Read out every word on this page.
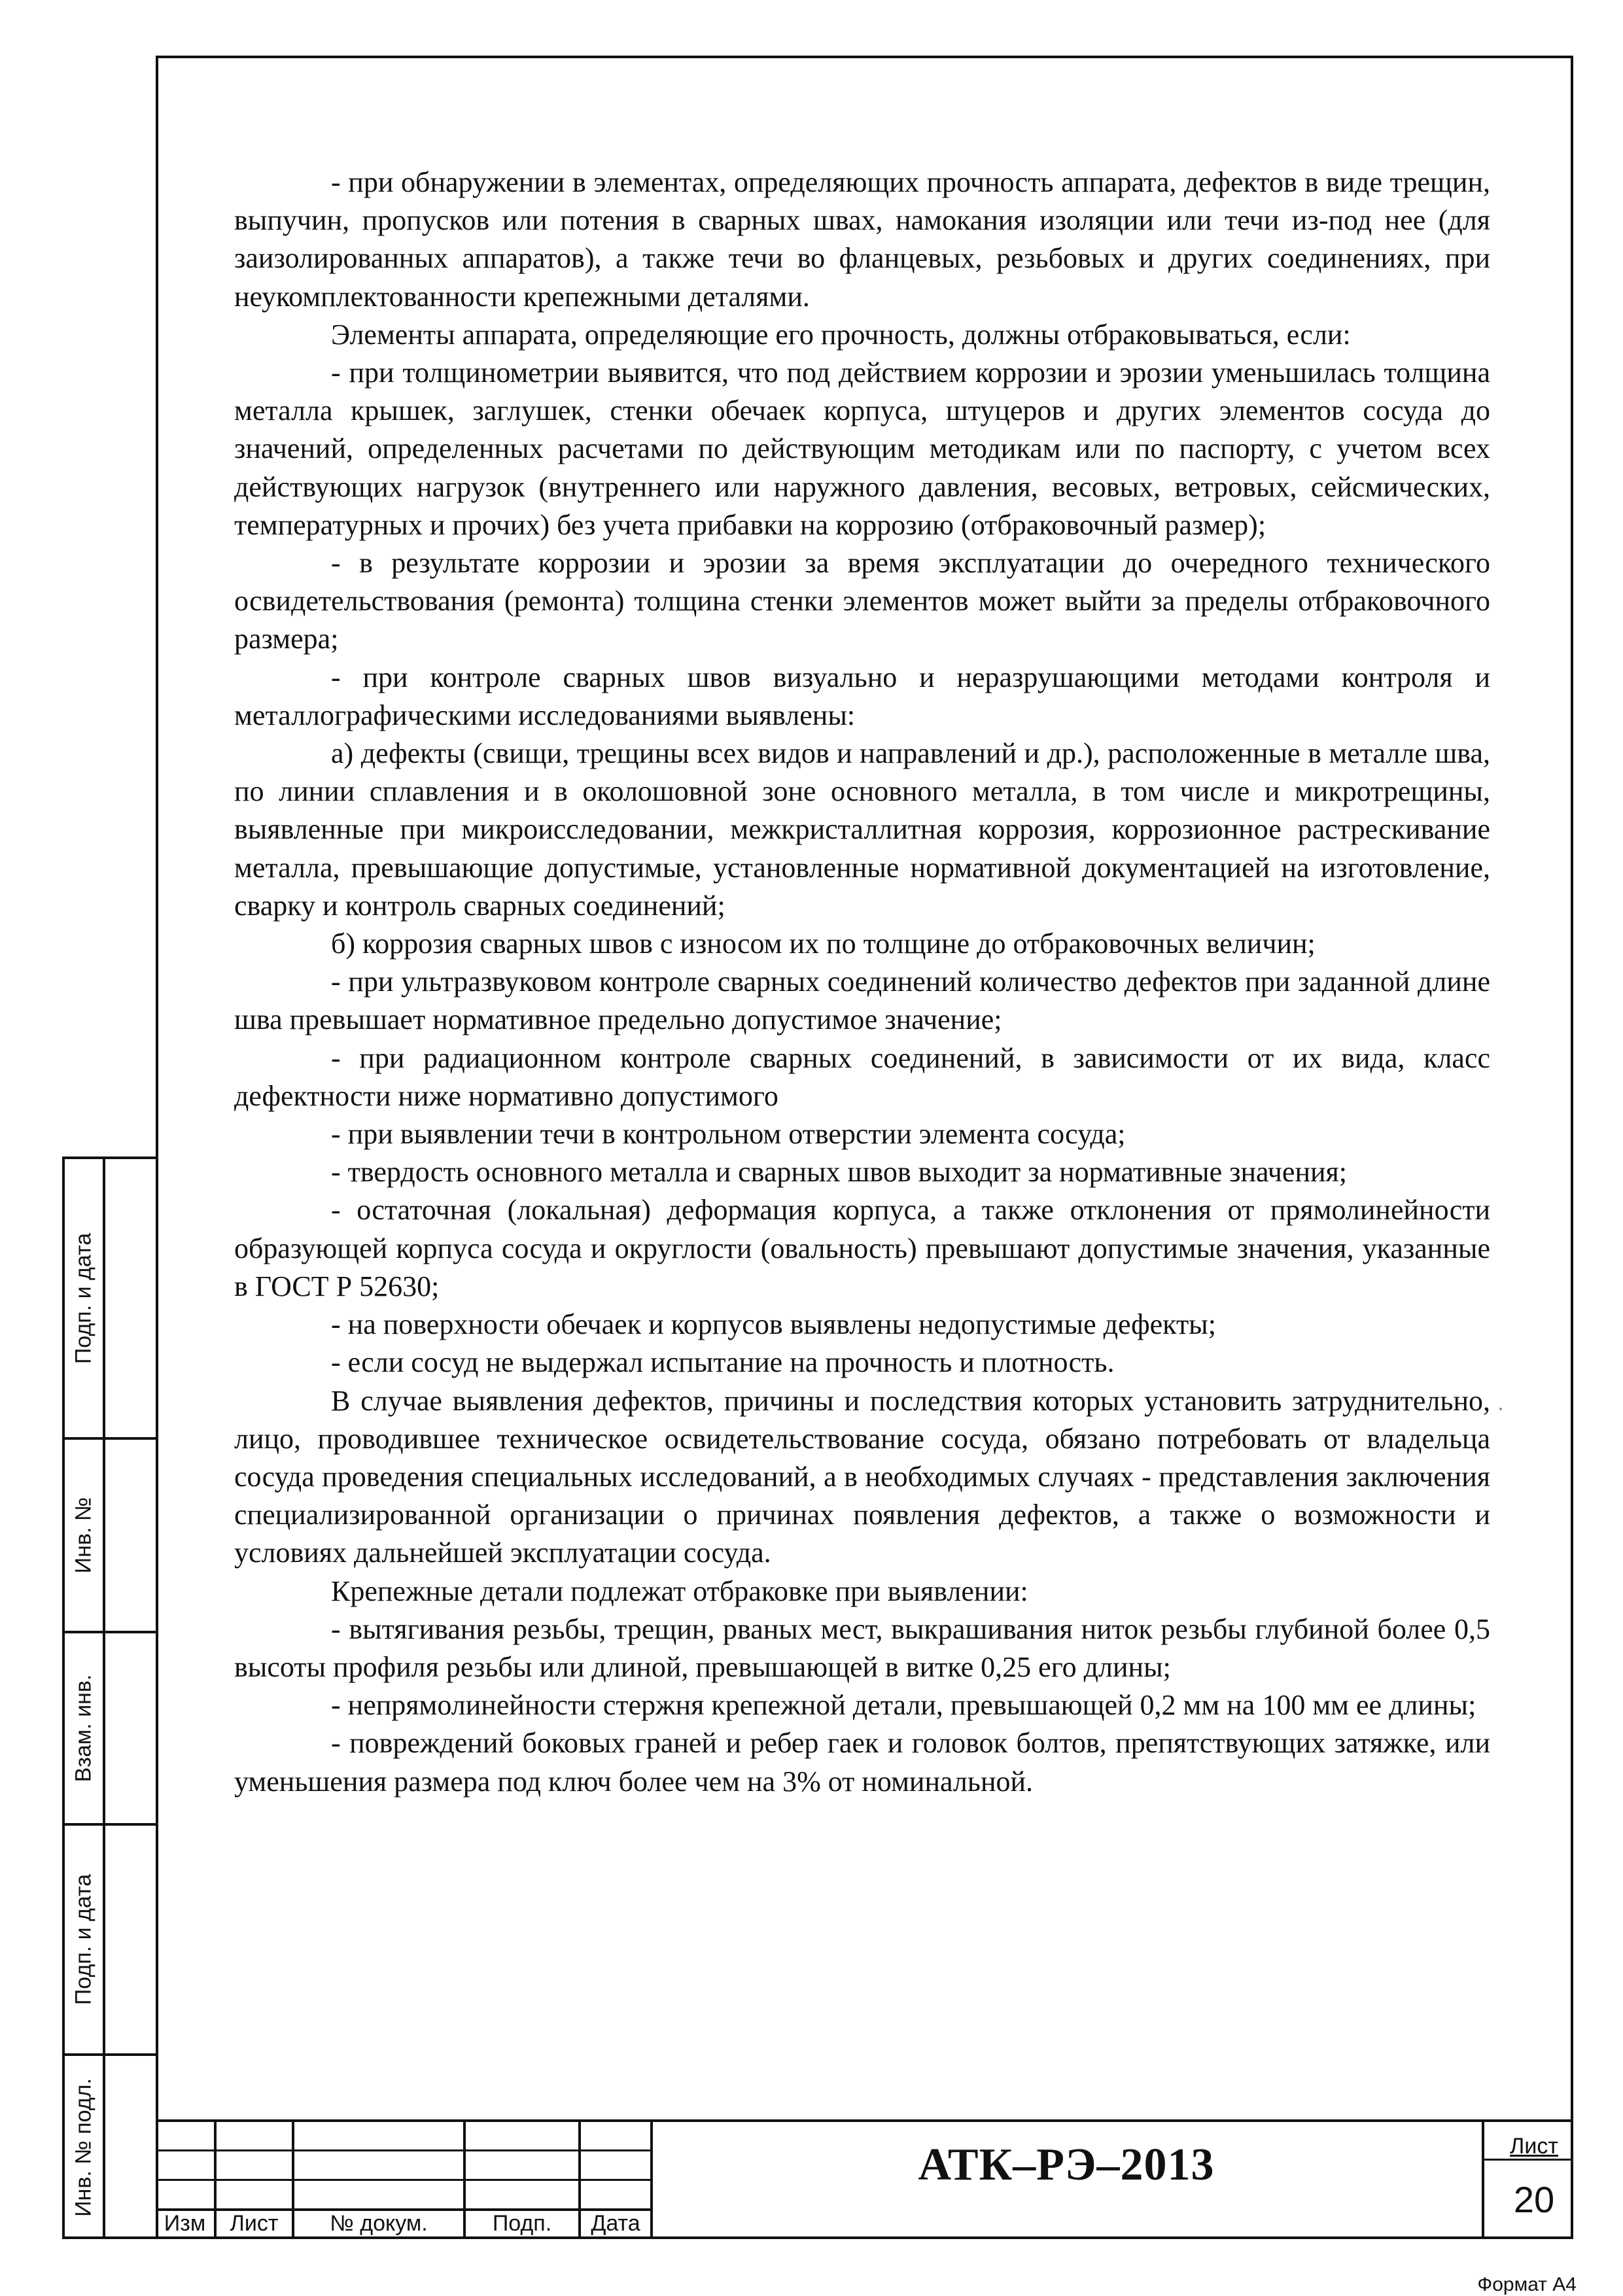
- при обнаружении в элементах, определяющих прочность аппарата, дефектов в виде трещин, выпучин, пропусков или потения в сварных швах, намокания изоляции или течи из-под нее (для заизолированных аппаратов), а также течи во фланцевых, резьбовых и других соединениях, при неукомплектованности крепежными деталями.

Элементы аппарата, определяющие его прочность, должны отбраковываться, если:

- при толщинометрии выявится, что под действием коррозии и эрозии уменьшилась толщина металла крышек, заглушек, стенки обечаек корпуса, штуцеров и других элементов сосуда до значений, определенных расчетами по действующим методикам или по паспорту, с учетом всех действующих нагрузок (внутреннего или наружного давления, весовых, ветровых, сейсмических, температурных и прочих) без учета прибавки на коррозию (отбраковочный размер);

- в результате коррозии и эрозии за время эксплуатации до очередного технического освидетельствования (ремонта) толщина стенки элементов может выйти за пределы отбраковочного размера;

- при контроле сварных швов визуально и неразрушающими методами контроля и металлографическими исследованиями выявлены:

а) дефекты (свищи, трещины всех видов и направлений и др.), расположенные в металле шва, по линии сплавления и в околошовной зоне основного металла, в том числе и микротрещины, выявленные при микроисследовании, межкристаллитная коррозия, коррозионное растрескивание металла, превышающие допустимые, установленные нормативной документацией на изготовление, сварку и контроль сварных соединений;

б) коррозия сварных швов с износом их по толщине до отбраковочных величин;

- при ультразвуковом контроле сварных соединений количество дефектов при заданной длине шва превышает нормативное предельно допустимое значение;

- при радиационном контроле сварных соединений, в зависимости от их вида, класс дефектности ниже нормативно допустимого

- при выявлении течи в контрольном отверстии элемента сосуда;

- твердость основного металла и сварных швов выходит за нормативные значения;

- остаточная (локальная) деформация корпуса, а также отклонения от прямолинейности образующей корпуса сосуда и округлости (овальность) превышают допустимые значения, указанные в ГОСТ Р 52630;

- на поверхности обечаек и корпусов выявлены недопустимые дефекты;

- если сосуд не выдержал испытание на прочность и плотность.

В случае выявления дефектов, причины и последствия которых установить затруднительно, лицо, проводившее техническое освидетельствование сосуда, обязано потребовать от владельца сосуда проведения специальных исследований, а в необходимых случаях - представления заключения специализированной организации о причинах появления дефектов, а также о возможности и условиях дальнейшей эксплуатации сосуда.

Крепежные детали подлежат отбраковке при выявлении:

- вытягивания резьбы, трещин, рваных мест, выкрашивания ниток резьбы глубиной более 0,5 высоты профиля резьбы или длиной, превышающей в витке 0,25 его длины;

- непрямолинейности стержня крепежной детали, превышающей 0,2 мм на 100 мм ее длины;

- повреждений боковых граней и ребер гаек и головок болтов, препятствующих затяжке, или уменьшения размера под ключ более чем на 3% от номинальной.

Подп. и дата
Инв. №
Взам. инв.
Подп. и дата
Инв. № подл.
Изм	Лист	№ докум.	Подп.	Дата
АТК–РЭ–2013	Лист
20
Формат А4
